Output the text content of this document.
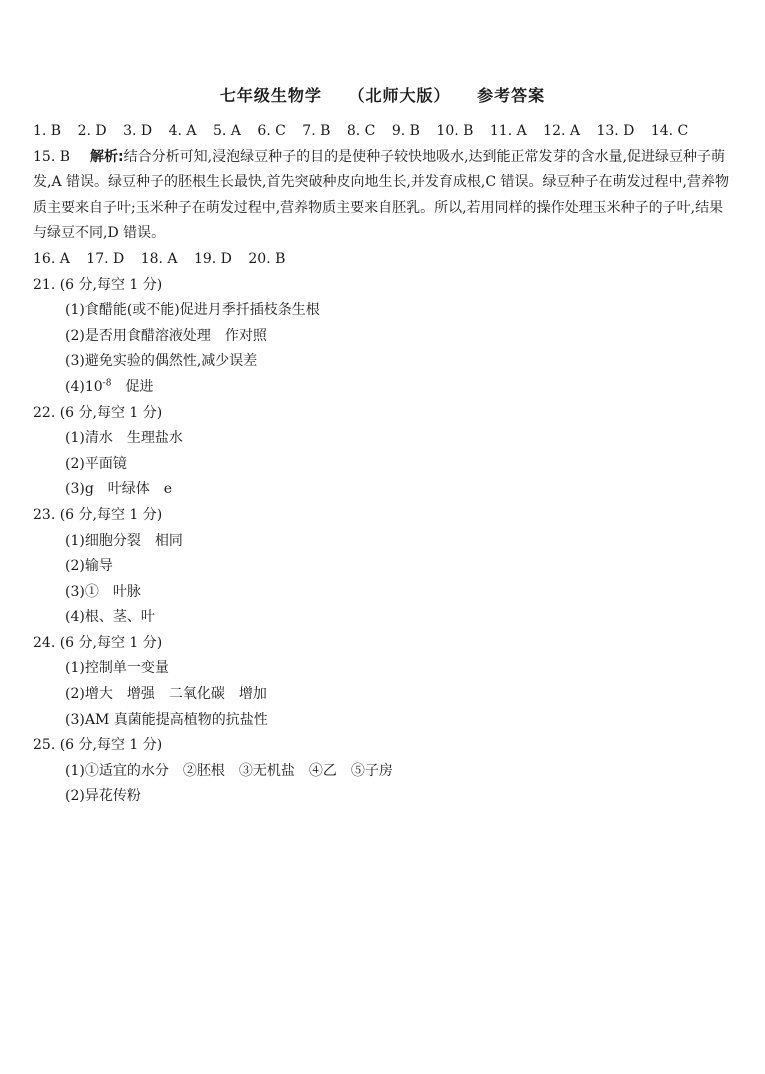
七年级生物学 （北师大版） 参考答案
1. B 2. D 3. D 4. A 5. A 6. C 7. B 8. C 9. B 10. B 11. A 12. A 13. D 14. C
15. B 解析:结合分析可知,浸泡绿豆种子的目的是使种子较快地吸水,达到能正常发芽的含水量,促进绿豆种子萌发,A 错误。绿豆种子的胚根生长最快,首先突破种皮向地生长,并发育成根,C 错误。绿豆种子在萌发过程中,营养物质主要来自子叶;玉米种子在萌发过程中,营养物质主要来自胚乳。所以,若用同样的操作处理玉米种子的子叶,结果与绿豆不同,D 错误。
16. A 17. D 18. A 19. D 20. B
21. (6 分,每空 1 分)
(1)食醋能(或不能)促进月季扦插枝条生根
(2)是否用食醋溶液处理　作对照
(3)避免实验的偶然性,减少误差
$(4)10^{-8}$　促进
22. (6 分,每空 1 分)
(1)清水　生理盐水
(2)平面镜
(3)g　叶绿体　e
23. (6 分,每空 1 分)
(1)细胞分裂　相同
(2)输导
(3)①　叶脉
(4)根、茎、叶
24. (6 分,每空 1 分)
(1)控制单一变量
(2)增大　增强　二氧化碳　增加
(3)AM 真菌能提高植物的抗盐性
25. (6 分,每空 1 分)
(1)①适宜的水分　②胚根　③无机盐　④乙　⑤子房
(2)异花传粉
